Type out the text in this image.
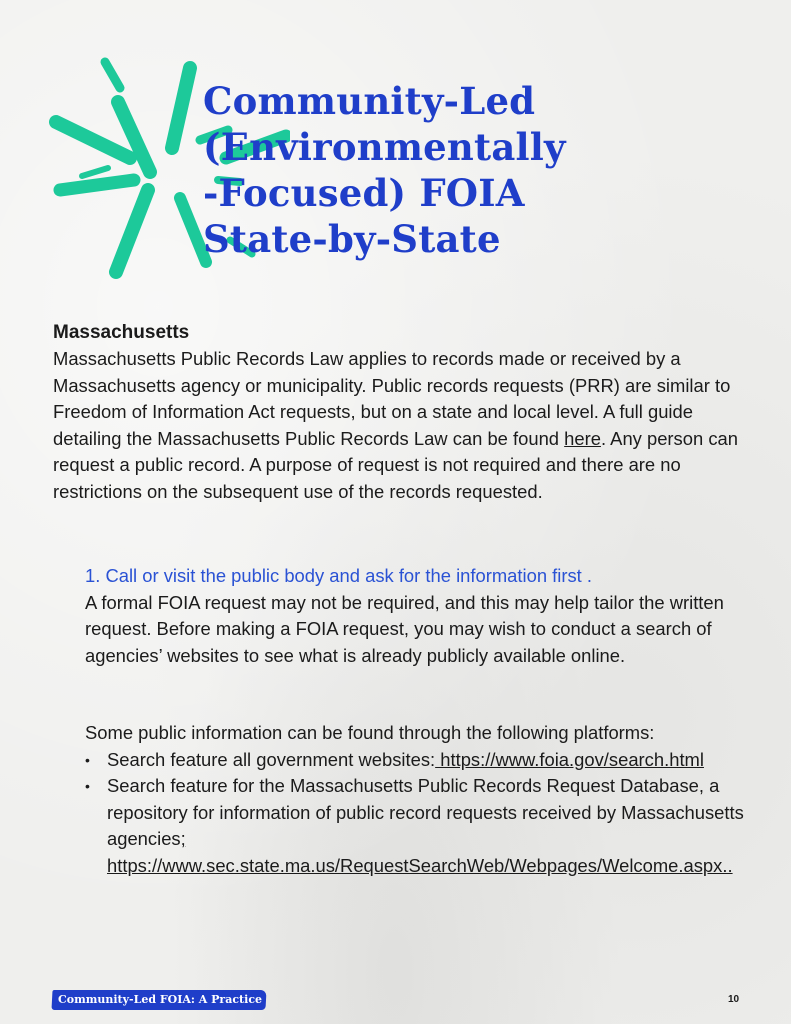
Community-Led
(Environmentally
-Focused) FOIA
State-by-State
Massachusetts

Massachusetts Public Records Law applies to records made or received by a Massachusetts agency or municipality. Public records requests (PRR) are similar to Freedom of Information Act requests, but on a state and local level. A full guide detailing the Massachusetts Public Records Law can be found here. Any person can request a public record. A purpose of request is not required and there are no restrictions on the subsequent use of the records requested.

1. Call or visit the public body and ask for the information first .

A formal FOIA request may not be required, and this may help tailor the written request. Before making a FOIA request, you may wish to conduct a search of agencies’ websites to see what is already publicly available online.

Some public information can be found through the following platforms:

• Search feature all government websites: https://www.foia.gov/search.html
• Search feature for the Massachusetts Public Records Request Database, a repository for information of public record requests received by Massachusetts agencies; https://www.sec.state.ma.us/RequestSearchWeb/Webpages/Welcome.aspx..
Community-Led FOIA: A Practice	10
